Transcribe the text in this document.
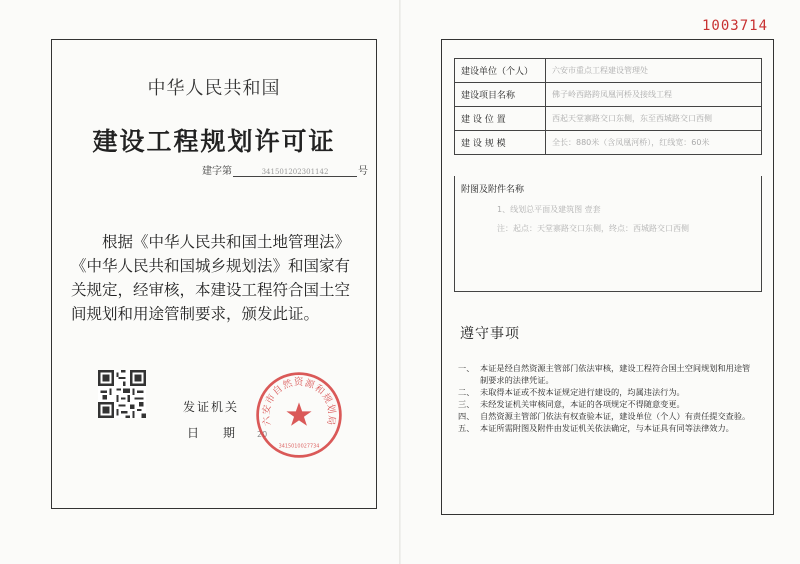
1003714
中华人民共和国
建设工程规划许可证
建字第	341501202301142	号
根据《中华人民共和国土地管理法》《中华人民共和国城乡规划法》和国家有关规定，经审核，本建设工程符合国土空间规划和用途管制要求，颁发此证。
发证机关
日　　期	20
六安市自然资源和规划局
3415010027734
建设单位（个人）	六安市重点工程建设管理处
建设项目名称	佛子岭西路跨凤凰河桥及接线工程
建 设 位 置	西起天堂寨路交口东侧，东至西城路交口西侧
建 设 规 模	全长：880米（含凤凰河桥），红线宽：60米
附图及附件名称
1、线划总平面及建筑图 壹套
注：起点：天堂寨路交口东侧，终点：西城路交口西侧
遵守事项
一、 本证是经自然资源主管部门依法审核，建设工程符合国土空间规划和用途管制要求的法律凭证。
二、 未取得本证或不按本证规定进行建设的，均属违法行为。
三、 未经发证机关审核同意，本证的各项规定不得随意变更。
四、 自然资源主管部门依法有权查验本证，建设单位（个人）有责任提交查验。
五、 本证所需附图及附件由发证机关依法确定，与本证具有同等法律效力。
